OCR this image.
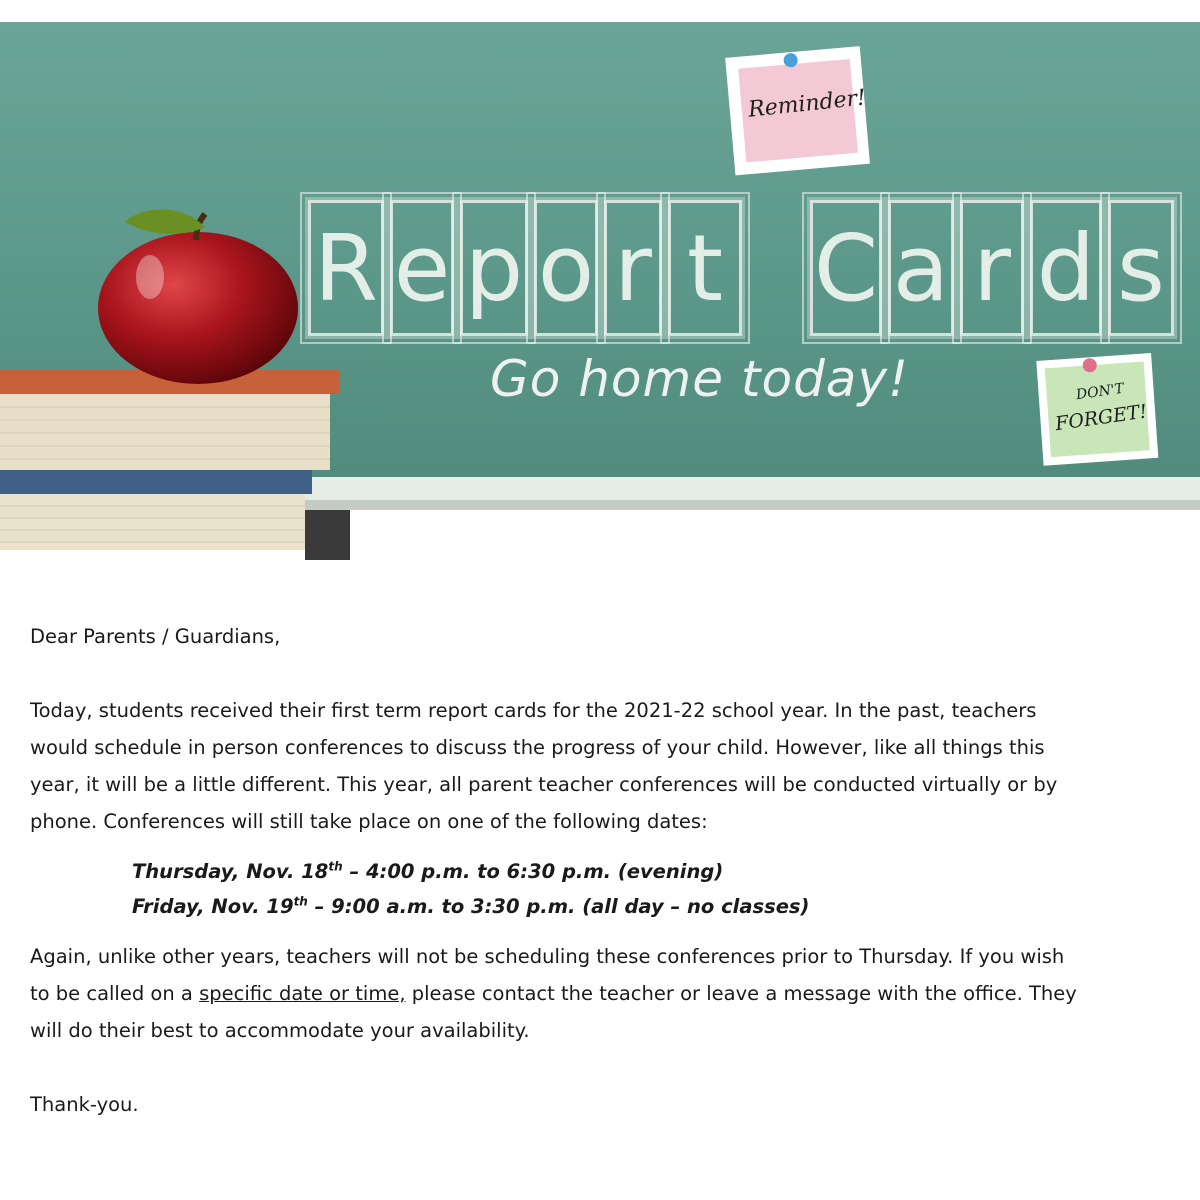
R e p o r t C a r d s
Go home today!
Reminder!
DON'T
FORGET!

Dear Parents / Guardians,

Today, students received their first term report cards for the 2021-22 school year. In the past, teachers

would schedule in person conferences to discuss the progress of your child. However, like all things this

year, it will be a little different. This year, all parent teacher conferences will be conducted virtually or by

phone. Conferences will still take place on one of the following dates:

Thursday, Nov. 18th – 4:00 p.m. to 6:30 p.m. (evening)
Friday, Nov. 19th – 9:00 a.m. to 3:30 p.m. (all day – no classes)

Again, unlike other years, teachers will not be scheduling these conferences prior to Thursday. If you wish

to be called on a specific date or time, please contact the teacher or leave a message with the office. They

will do their best to accommodate your availability.

Thank-you.
